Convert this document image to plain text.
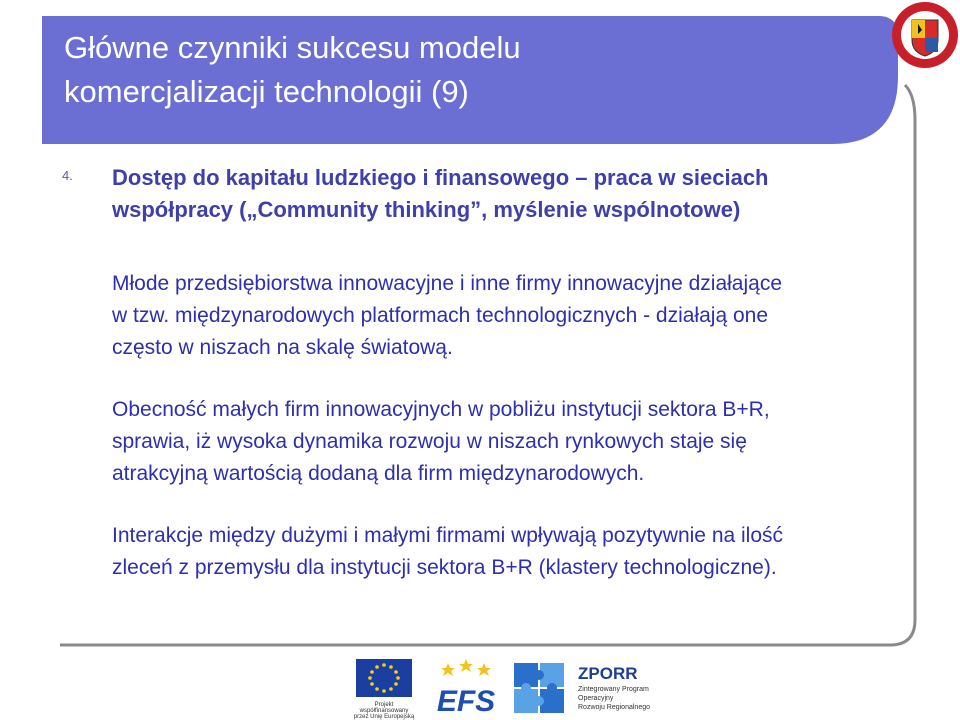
Główne czynniki sukcesu modelu
komercjalizacji technologii (9)
4. Dostęp do kapitału ludzkiego i finansowego – praca w sieciach
współpracy („Community thinking”, myślenie wspólnotowe)
Młode przedsiębiorstwa innowacyjne i inne firmy innowacyjne działające
w tzw. międzynarodowych platformach technologicznych - działają one
często w niszach na skalę światową.
Obecność małych firm innowacyjnych w pobliżu instytucji sektora B+R,
sprawia, iż wysoka dynamika rozwoju w niszach rynkowych staje się
atrakcyjną wartością dodaną dla firm międzynarodowych.
Interakcje między dużymi i małymi firmami wpływają pozytywnie na ilość
zleceń z przemysłu dla instytucji sektora B+R (klastery technologiczne).
Projekt
współfinansowany
przez Unię Europejską EFS
ZPORR
Zintegrowany Program
Operacyjny
Rozwoju Regionalnego
